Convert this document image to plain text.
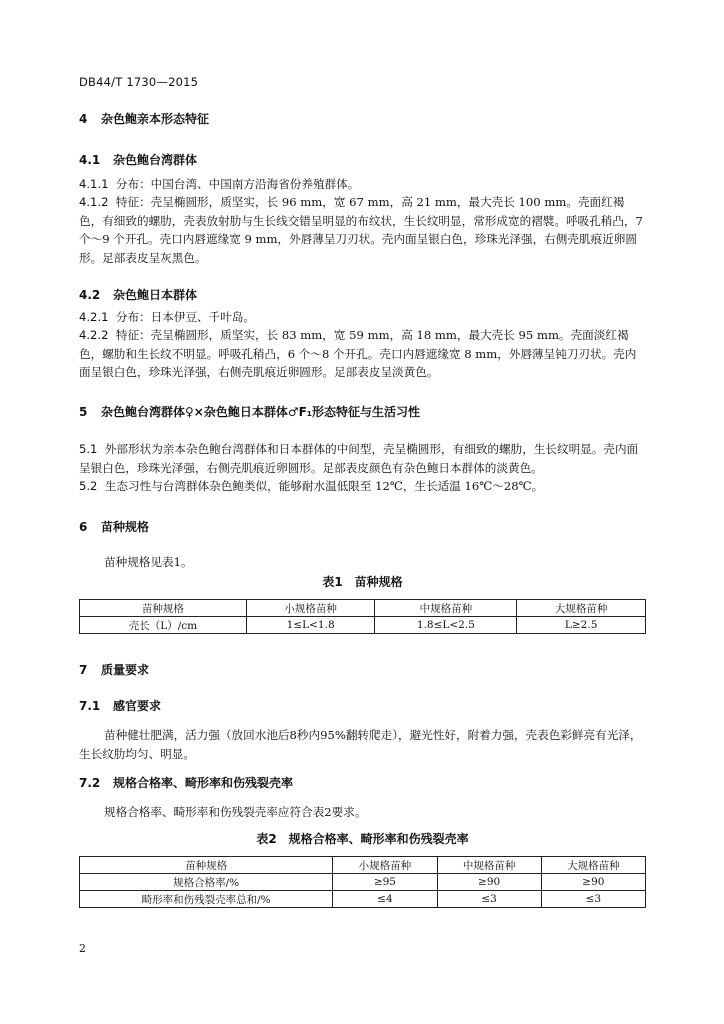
DB44/T 1730—2015
4 杂色鲍亲本形态特征
4.1 杂色鲍台湾群体
4.1.1 分布：中国台湾、中国南方沿海省份养殖群体。
4.1.2 特征：壳呈椭圆形，质坚实，长 96 mm，宽 67 mm，高 21 mm，最大壳长 100 mm。壳面红褐色，有细致的螺肋，壳表放射肋与生长线交错呈明显的布纹状，生长纹明显，常形成宽的褶襞。呼吸孔稍凸，7 个～9 个开孔。壳口内唇遮缘宽 9 mm，外唇薄呈刀刃状。壳内面呈银白色，珍珠光泽强，右侧壳肌痕近卵圆形。足部表皮呈灰黑色。
4.2 杂色鲍日本群体
4.2.1 分布：日本伊豆、千叶岛。
4.2.2 特征：壳呈椭圆形，质坚实，长 83 mm，宽 59 mm，高 18 mm，最大壳长 95 mm。壳面淡红褐色，螺肋和生长纹不明显。呼吸孔稍凸，6 个～8 个开孔。壳口内唇遮缘宽 8 mm，外唇薄呈钝刀刃状。壳内面呈银白色，珍珠光泽强，右侧壳肌痕近卵圆形。足部表皮呈淡黄色。
5 杂色鲍台湾群体♀×杂色鲍日本群体♂F₁形态特征与生活习性
5.1 外部形状为亲本杂色鲍台湾群体和日本群体的中间型，壳呈椭圆形，有细致的螺肋，生长纹明显。壳内面呈银白色，珍珠光泽强，右侧壳肌痕近卵圆形。足部表皮颜色有杂色鲍日本群体的淡黄色。
5.2 生态习性与台湾群体杂色鲍类似，能够耐水温低限至 12℃，生长适温 16℃～28℃。
6 苗种规格
苗种规格见表1。
表1　苗种规格
苗种规格	小规格苗种	中规格苗种	大规格苗种
壳长（L）/cm	1≤L<1.8	1.8≤L<2.5	L≥2.5
7 质量要求
7.1 感官要求
苗种健壮肥满，活力强（放回水池后8秒内95%翻转爬走），避光性好，附着力强，壳表色彩鲜亮有光泽，生长纹肋均匀、明显。
7.2 规格合格率、畸形率和伤残裂壳率
规格合格率、畸形率和伤残裂壳率应符合表2要求。
表2　规格合格率、畸形率和伤残裂壳率
苗种规格	小规格苗种	中规格苗种	大规格苗种
规格合格率/%	≥95	≥90	≥90
畸形率和伤残裂壳率总和/%	≤4	≤3	≤3
2
